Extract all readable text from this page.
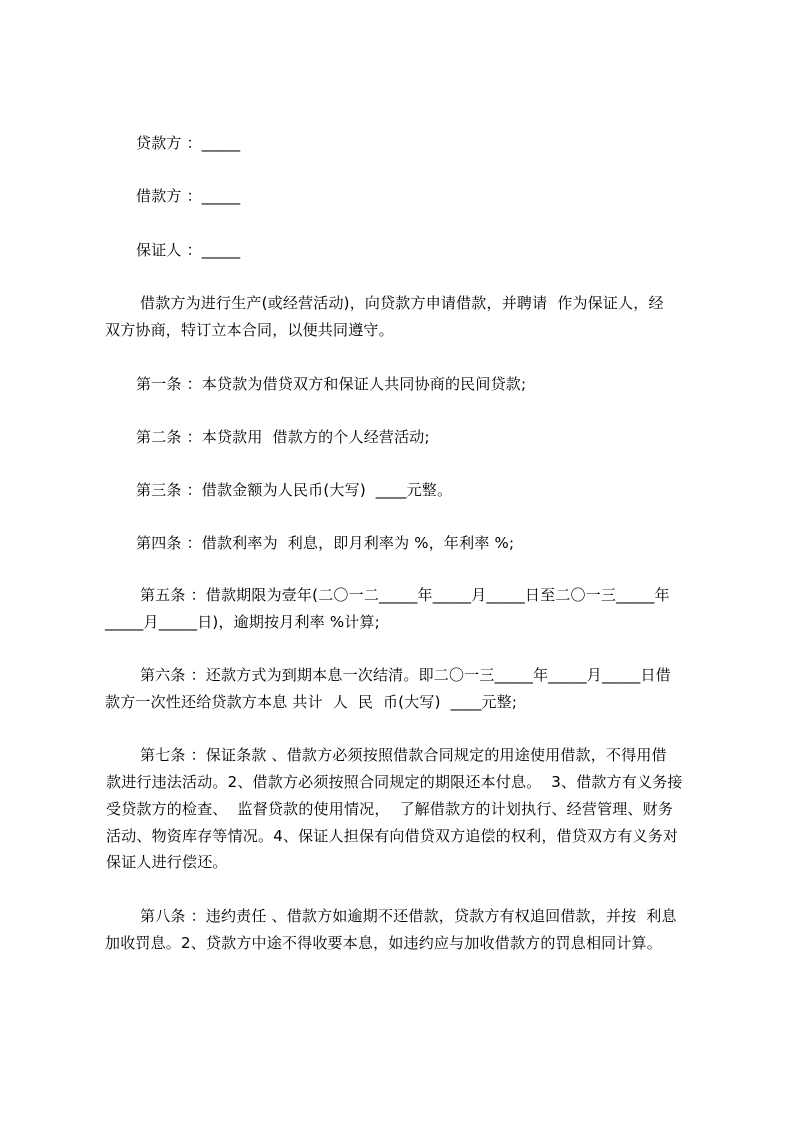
贷款方 ：_____
借款方 ：_____
保证人 ：_____
借款方为进行生产(或经营活动)，向贷款方申请借款，并聘请  作为保证人，经
双方协商，特订立本合同，以便共同遵守。
第一条 ：本贷款为借贷双方和保证人共同协商的民间贷款;
第二条 ：本贷款用  借款方的个人经营活动;
第三条 ：借款金额为人民币(大写)  ____元整。
第四条 ：借款利率为  利息，即月利率为 %，年利率 %;
第五条 ：借款期限为壹年(二〇一二_____年_____月_____日至二〇一三_____年
_____月_____日)，逾期按月利率 %计算;
第六条 ：还款方式为到期本息一次结清。即二〇一三_____年_____月_____日借
款方一次性还给贷款方本息 共计  人  民  币(大写)  ____元整;
第七条 ：保证条款 、借款方必须按照借款合同规定的用途使用借款，不得用借
款进行违法活动。2、借款方必须按照合同规定的期限还本付息。  3、借款方有义务接
受贷款方的检查、  监督贷款的使用情况，  了解借款方的计划执行、经营管理、财务
活动、物资库存等情况。4、保证人担保有向借贷双方追偿的权利，借贷双方有义务对
保证人进行偿还。
第八条 ：违约责任 、借款方如逾期不还借款，贷款方有权追回借款，并按  利息
加收罚息。2、贷款方中途不得收要本息，如违约应与加收借款方的罚息相同计算。
